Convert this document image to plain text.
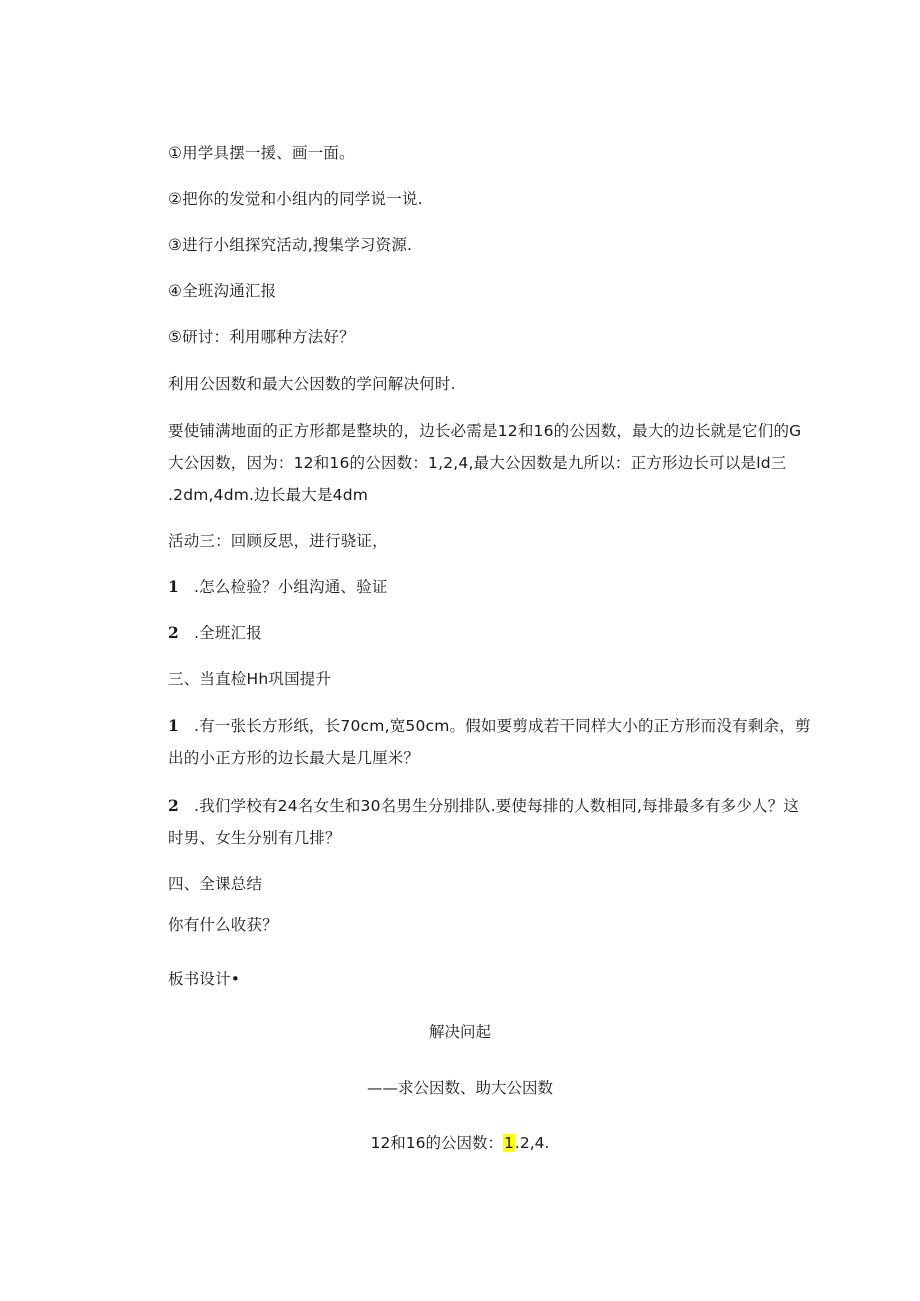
①用学具摆一援、画一面。
②把你的发觉和小组内的同学说一说.
③进行小组探究活动,搜集学习资源.
④全班沟通汇报
⑤研讨：利用哪种方法好？
利用公因数和最大公因数的学问解决何时.
要使铺满地面的正方形都是整块的，边长必需是12和16的公因数，最大的边长就是它们的G
大公因数，因为：12和16的公因数：1,2,4,最大公因数是九所以：正方形边长可以是ld三
.2dm,4dm.边长最大是4dm
活动三：回顾反思，进行骁证，
1 .怎么检验？小组沟通、验证
2 .全班汇报
三、当直检Hh巩国提升
1 .有一张长方形纸，长70cm,宽50cm。假如要剪成若干同样大小的正方形而没有剩余，剪
出的小正方形的边长最大是几厘米？
2 .我们学校有24名女生和30名男生分别排队.要使每排的人数相同,每排最多有多少人？这
时男、女生分别有几排？
四、全课总结
你有什么收获？
板书设计•
解决问起
——求公因数、助大公因数
12和16的公因数：1.2,4.
